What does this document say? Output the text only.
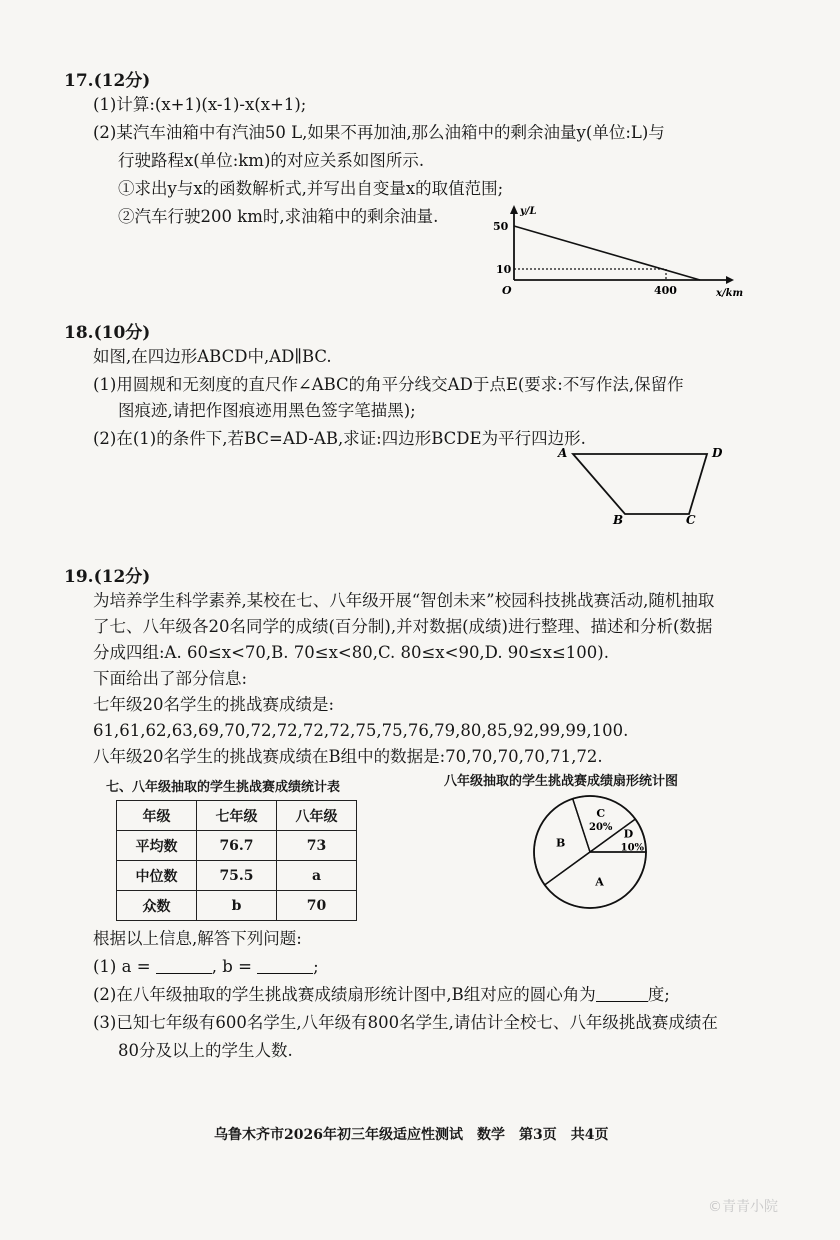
17.(12分)
(1)计算:(x+1)(x-1)-x(x+1);
(2)某汽车油箱中有汽油50 L,如果不再加油,那么油箱中的剩余油量y(单位:L)与
行驶路程x(单位:km)的对应关系如图所示.
①求出y与x的函数解析式,并写出自变量x的取值范围;
②汽车行驶200 km时,求油箱中的剩余油量.
50
10
O	400
y/L
x/km
18.(10分)
如图,在四边形ABCD中,AD∥BC.
(1)用圆规和无刻度的直尺作∠ABC的角平分线交AD于点E(要求:不写作法,保留作
图痕迹,请把作图痕迹用黑色签字笔描黑);
(2)在(1)的条件下,若BC=AD-AB,求证:四边形BCDE为平行四边形.
A	D
B	C
19.(12分)
为培养学生科学素养,某校在七、八年级开展“智创未来”校园科技挑战赛活动,随机抽取
了七、八年级各20名同学的成绩(百分制),并对数据(成绩)进行整理、描述和分析(数据
分成四组:A. 60≤x<70,B. 70≤x<80,C. 80≤x<90,D. 90≤x≤100).
下面给出了部分信息:
七年级20名学生的挑战赛成绩是:
61,61,62,63,69,70,72,72,72,72,75,75,76,79,80,85,92,99,99,100.
八年级20名学生的挑战赛成绩在B组中的数据是:70,70,70,70,71,72.
七、八年级抽取的学生挑战赛成绩统计表
年级	七年级	八年级
平均数	76.7	73
中位数	75.5	a
众数	b	70
八年级抽取的学生挑战赛成绩扇形统计图
D
10%
C
20%
B
A
根据以上信息,解答下列问题:
(1) a =	, b =	;
(2)在八年级抽取的学生挑战赛成绩扇形统计图中,B组对应的圆心角为	度;
(3)已知七年级有600名学生,八年级有800名学生,请估计全校七、八年级挑战赛成绩在
80分及以上的学生人数.
乌鲁木齐市2026年初三年级适应性测试　数学　第3页　共4页
©青青小院
